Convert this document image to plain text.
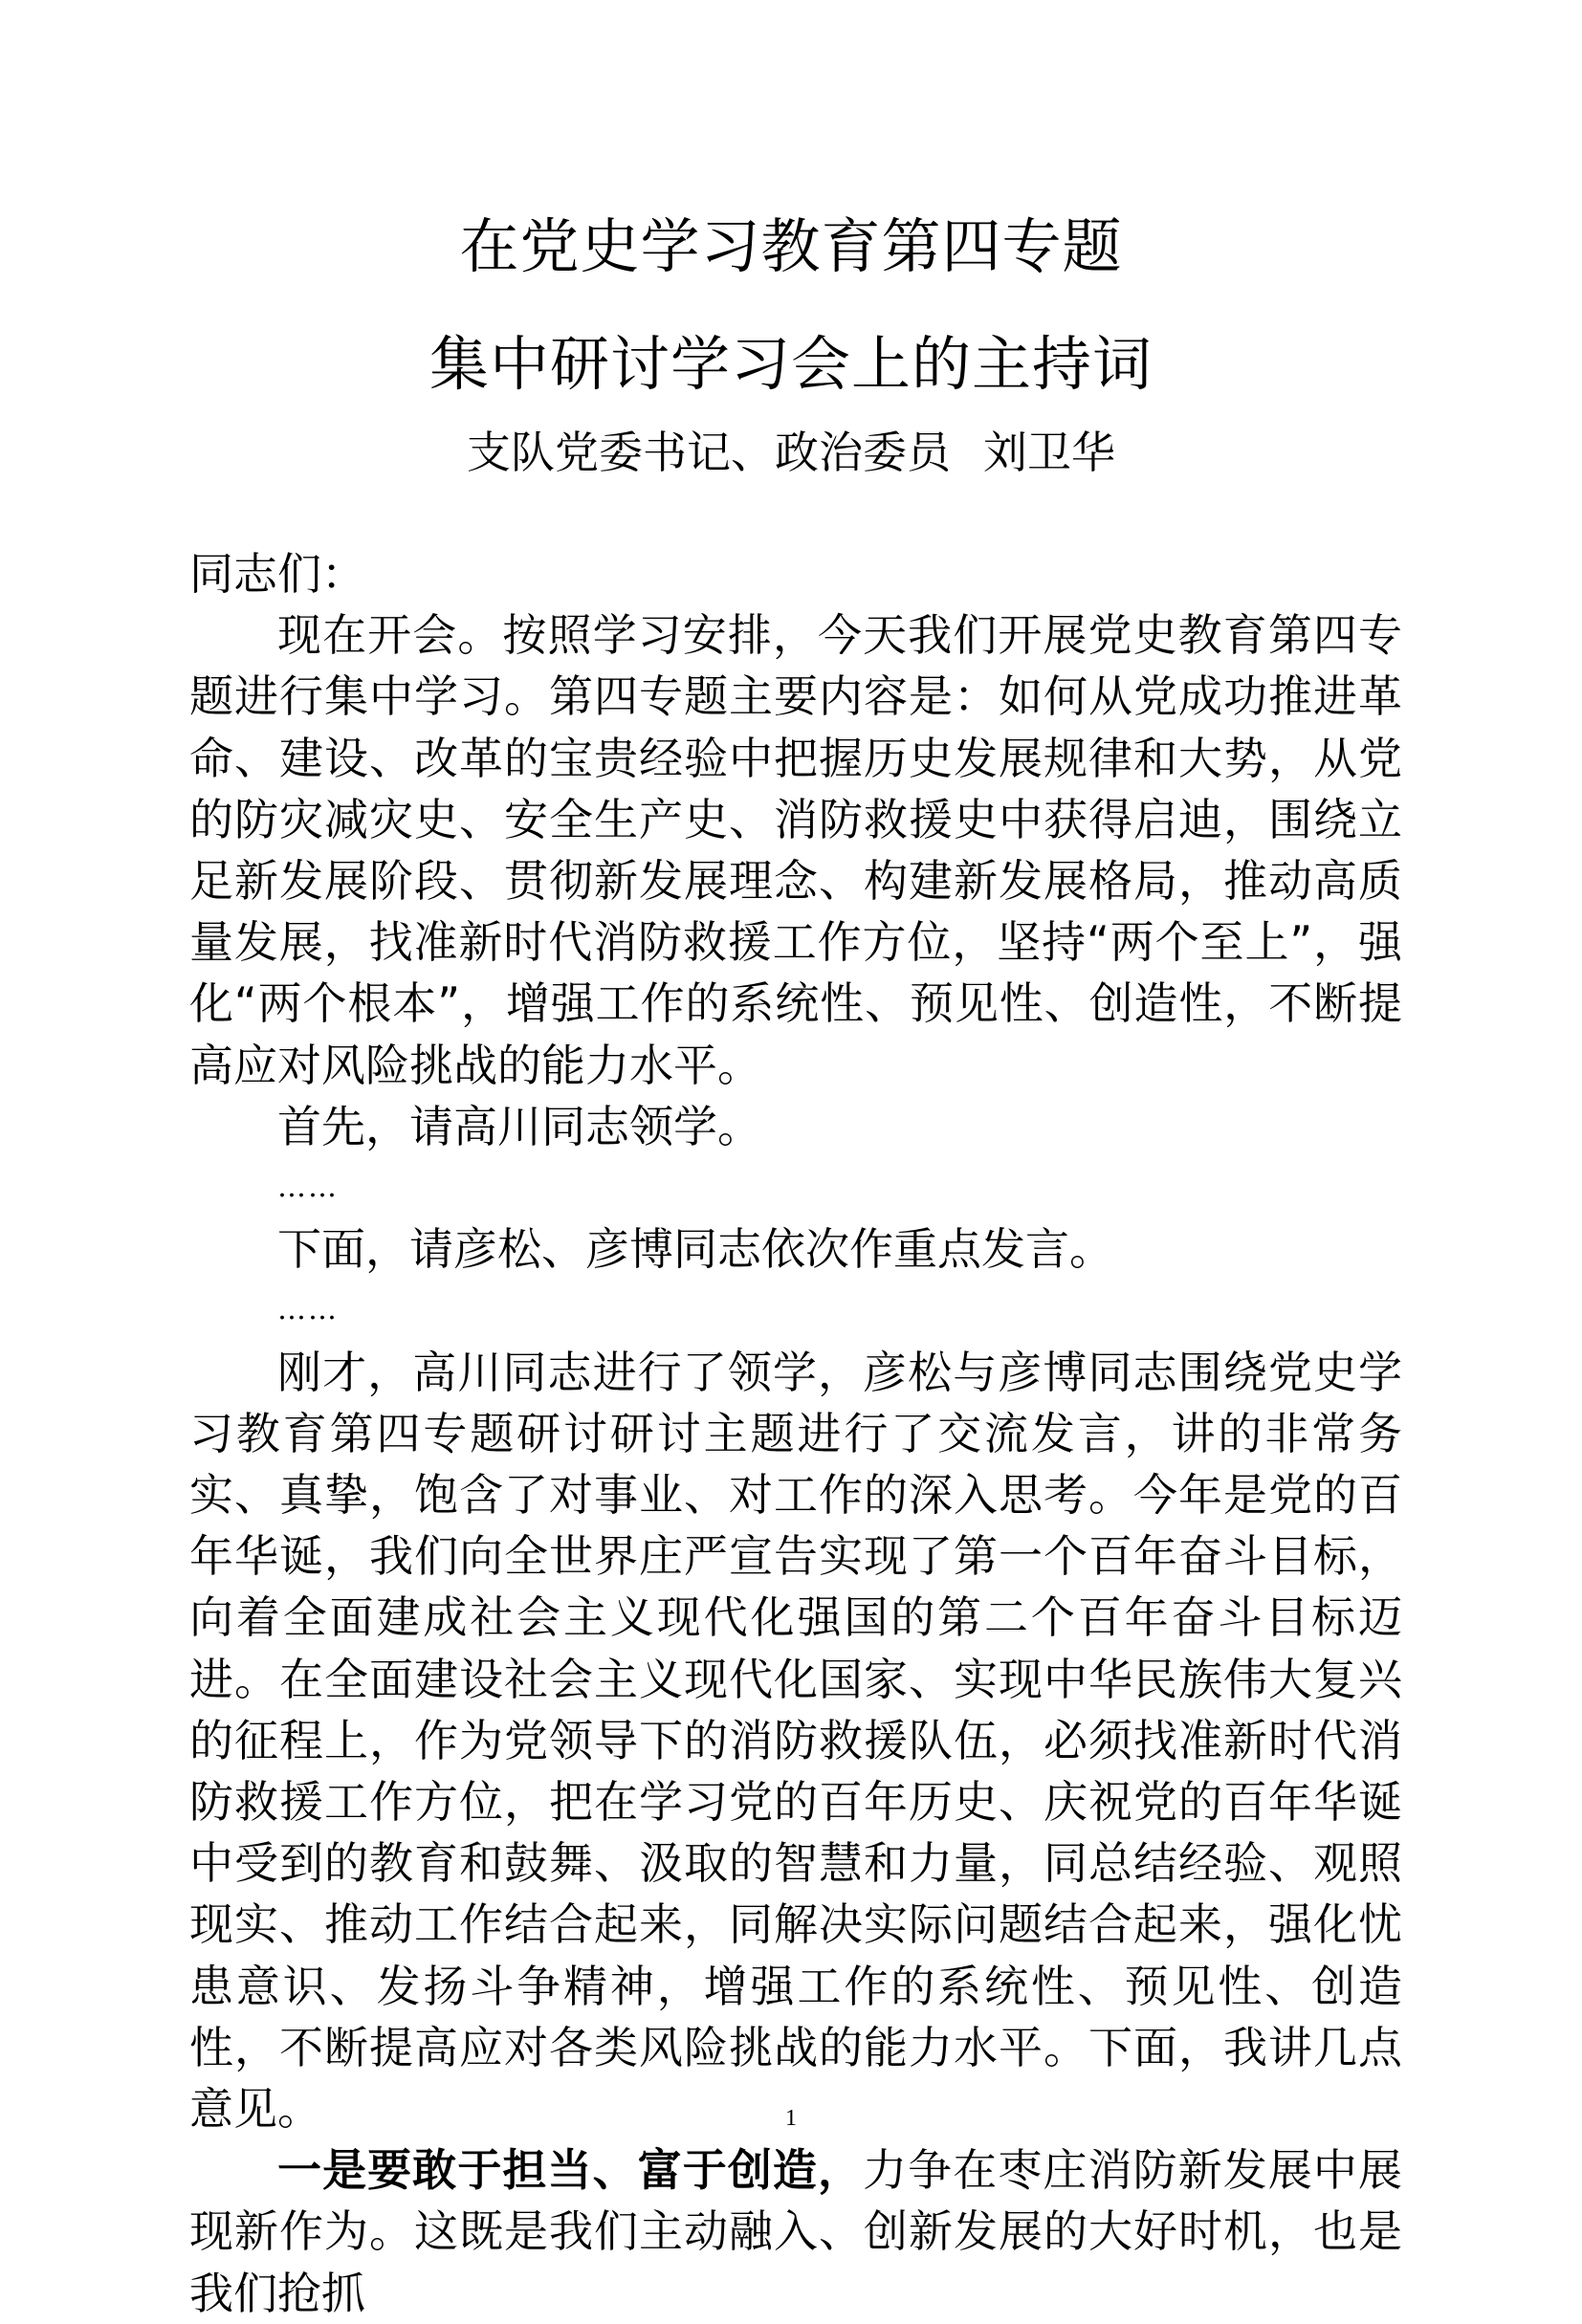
在党史学习教育第四专题
集中研讨学习会上的主持词
支队党委书记、政治委员 刘卫华

同志们：

现在开会。按照学习安排，今天我们开展党史教育第四专题进行集中学习。第四专题主要内容是：如何从党成功推进革命、建设、改革的宝贵经验中把握历史发展规律和大势，从党的防灾减灾史、安全生产史、消防救援史中获得启迪，围绕立足新发展阶段、贯彻新发展理念、构建新发展格局，推动高质量发展，找准新时代消防救援工作方位，坚持“两个至上”，强化“两个根本”，增强工作的系统性、预见性、创造性，不断提高应对风险挑战的能力水平。

首先，请高川同志领学。

……

下面，请彦松、彦博同志依次作重点发言。

……

刚才，高川同志进行了领学，彦松与彦博同志围绕党史学习教育第四专题研讨研讨主题进行了交流发言，讲的非常务实、真挚，饱含了对事业、对工作的深入思考。今年是党的百年华诞，我们向全世界庄严宣告实现了第一个百年奋斗目标，向着全面建成社会主义现代化强国的第二个百年奋斗目标迈进。在全面建设社会主义现代化国家、实现中华民族伟大复兴的征程上，作为党领导下的消防救援队伍，必须找准新时代消防救援工作方位，把在学习党的百年历史、庆祝党的百年华诞中受到的教育和鼓舞、汲取的智慧和力量，同总结经验、观照现实、推动工作结合起来，同解决实际问题结合起来，强化忧患意识、发扬斗争精神，增强工作的系统性、预见性、创造性，不断提高应对各类风险挑战的能力水平。下面，我讲几点意见。

一是要敢于担当、富于创造，力争在枣庄消防新发展中展现新作为。这既是我们主动融入、创新发展的大好时机，也是我们抢抓

1
